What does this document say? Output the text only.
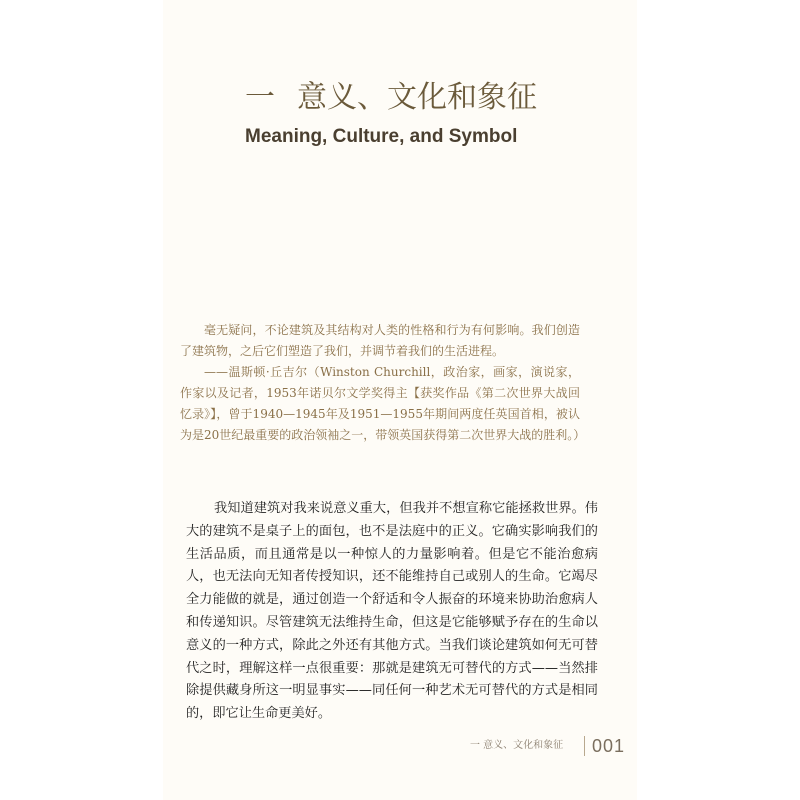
一 意义、文化和象征
Meaning, Culture, and Symbol

毫无疑问，不论建筑及其结构对人类的性格和行为有何影响。我们创造了建筑物，之后它们塑造了我们，并调节着我们的生活进程。

——温斯顿·丘吉尔（Winston Churchill，政治家，画家，演说家，作家以及记者，1953年诺贝尔文学奖得主【获奖作品《第二次世界大战回忆录》】，曾于1940—1945年及1951—1955年期间两度任英国首相，被认为是20世纪最重要的政治领袖之一，带领英国获得第二次世界大战的胜利。）

我知道建筑对我来说意义重大，但我并不想宣称它能拯救世界。伟大的建筑不是桌子上的面包，也不是法庭中的正义。它确实影响我们的生活品质，而且通常是以一种惊人的力量影响着。但是它不能治愈病人，也无法向无知者传授知识，还不能维持自己或别人的生命。它竭尽全力能做的就是，通过创造一个舒适和令人振奋的环境来协助治愈病人和传递知识。尽管建筑无法维持生命，但这是它能够赋予存在的生命以意义的一种方式，除此之外还有其他方式。当我们谈论建筑如何无可替代之时，理解这样一点很重要：那就是建筑无可替代的方式——当然排除提供藏身所这一明显事实——同任何一种艺术无可替代的方式是相同的，即它让生命更美好。

一 意义、文化和象征 001
